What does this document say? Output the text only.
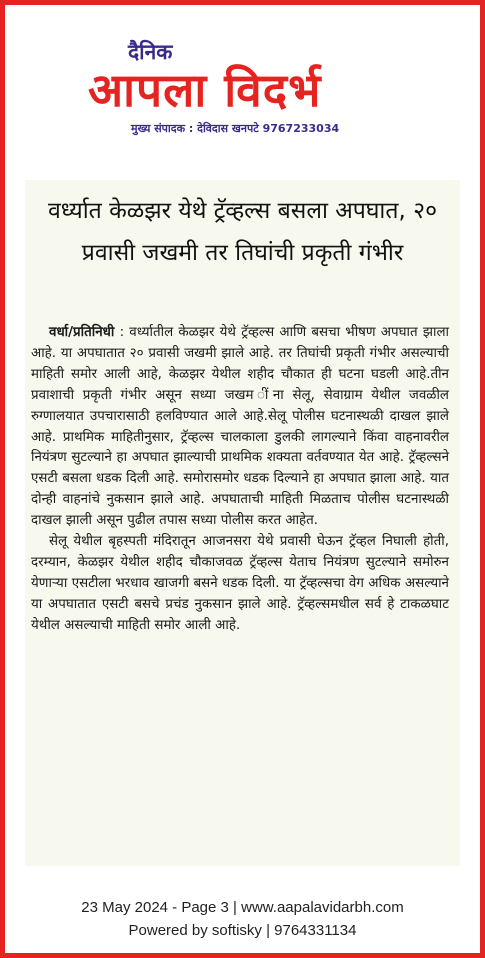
दैनिक
आपला विदर्भ
मुख्य संपादक : देविदास खनपटे 9767233034
वर्ध्यात केळझर येथे ट्रॅव्हल्स बसला अपघात, २० प्रवासी जखमी तर तिघांची प्रकृती गंभीर

वर्धा/प्रतिनिधी : वर्ध्यातील केळझर येथे ट्रॅव्हल्स आणि बसचा भीषण अपघात झाला आहे. या अपघातात २० प्रवासी जखमी झाले आहे. तर तिघांची प्रकृती गंभीर असल्याची माहिती समोर आली आहे, केळझर येथील शहीद चौकात ही घटना घडली आहे.तीन प्रवाशाची प्रकृती गंभीर असून सध्या जखम ींना सेलू, सेवाग्राम येथील जवळील रुग्णालयात उपचारासाठी हलविण्यात आले आहे.सेलू पोलीस घटनास्थळी दाखल झाले आहे. प्राथमिक माहितीनुसार, ट्रॅव्हल्स चालकाला डुलकी लागल्याने किंवा वाहनावरील नियंत्रण सुटल्याने हा अपघात झाल्याची प्राथमिक शक्यता वर्तवण्यात येत आहे. ट्रॅव्हल्सने एसटी बसला धडक दिली आहे. समोरासमोर धडक दिल्याने हा अपघात झाला आहे. यात दोन्ही वाहनांचे नुकसान झाले आहे. अपघाताची माहिती मिळताच पोलीस घटनास्थळी दाखल झाली असून पुढील तपास सध्या पोलीस करत आहेत.

सेलू येथील बृहस्पती मंदिरातून आजनसरा येथे प्रवासी घेऊन ट्रॅव्हल निघाली होती, दरम्यान, केळझर येथील शहीद चौकाजवळ ट्रॅव्हल्स येताच नियंत्रण सुटल्याने समोरुन येणाऱ्या एसटीला भरधाव खाजगी बसने धडक दिली. या ट्रॅव्हल्सचा वेग अधिक असल्याने या अपघातात एसटी बसचे प्रचंड नुकसान झाले आहे. ट्रॅव्हल्समधील सर्व हे टाकळघाट येथील असल्याची माहिती समोर आली आहे.

23 May 2024 - Page 3 | www.aapalavidarbh.com
Powered by softisky | 9764331134
